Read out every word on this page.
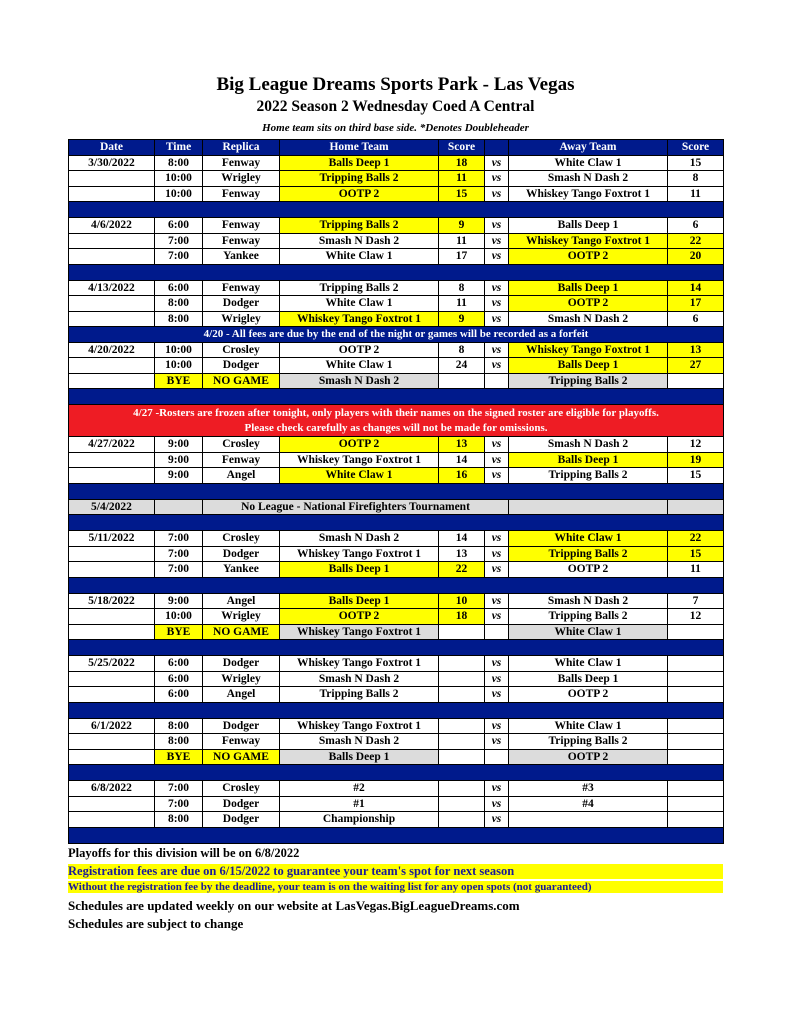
Big League Dreams Sports Park - Las Vegas
2022 Season 2 Wednesday Coed A Central
Home team sits on third base side. *Denotes Doubleheader
Date	Time	Replica	Home Team	Score		Away Team	Score
3/30/2022	8:00	Fenway	Balls Deep 1	18	vs	White Claw 1	15
	10:00	Wrigley	Tripping Balls 2	11	vs	Smash N Dash 2	8
	10:00	Fenway	OOTP 2	15	vs	Whiskey Tango Foxtrot 1	11

4/6/2022	6:00	Fenway	Tripping Balls 2	9	vs	Balls Deep 1	6
	7:00	Fenway	Smash N Dash 2	11	vs	Whiskey Tango Foxtrot 1	22
	7:00	Yankee	White Claw 1	17	vs	OOTP 2	20

4/13/2022	6:00	Fenway	Tripping Balls 2	8	vs	Balls Deep 1	14
	8:00	Dodger	White Claw 1	11	vs	OOTP 2	17
	8:00	Wrigley	Whiskey Tango Foxtrot 1	9	vs	Smash N Dash 2	6
4/20 - All fees are due by the end of the night or games will be recorded as a forfeit							
4/20/2022	10:00	Crosley	OOTP 2	8	vs	Whiskey Tango Foxtrot 1	13
	10:00	Dodger	White Claw 1	24	vs	Balls Deep 1	27
	BYE	NO GAME	Smash N Dash 2			Tripping Balls 2	

4/27 -Rosters are frozen after tonight, only players with their names on the signed roster are eligible for playoffs.
Please check carefully as changes will not be made for omissions.							

4/27/2022	9:00	Crosley	OOTP 2	13	vs	Smash N Dash 2	12
	9:00	Fenway	Whiskey Tango Foxtrot 1	14	vs	Balls Deep 1	19
	9:00	Angel	White Claw 1	16	vs	Tripping Balls 2	15

5/4/2022		No League - National Firefighters Tournament					

5/11/2022	7:00	Crosley	Smash N Dash 2	14	vs	White Claw 1	22
	7:00	Dodger	Whiskey Tango Foxtrot 1	13	vs	Tripping Balls 2	15
	7:00	Yankee	Balls Deep 1	22	vs	OOTP 2	11

5/18/2022	9:00	Angel	Balls Deep 1	10	vs	Smash N Dash 2	7
	10:00	Wrigley	OOTP 2	18	vs	Tripping Balls 2	12
	BYE	NO GAME	Whiskey Tango Foxtrot 1			White Claw 1	

5/25/2022	6:00	Dodger	Whiskey Tango Foxtrot 1		vs	White Claw 1	
	6:00	Wrigley	Smash N Dash 2		vs	Balls Deep 1	
	6:00	Angel	Tripping Balls 2		vs	OOTP 2	

6/1/2022	8:00	Dodger	Whiskey Tango Foxtrot 1		vs	White Claw 1	
	8:00	Fenway	Smash N Dash 2		vs	Tripping Balls 2	
	BYE	NO GAME	Balls Deep 1			OOTP 2	

6/8/2022	7:00	Crosley	#2		vs	#3	
	7:00	Dodger	#1		vs	#4	
	8:00	Dodger	Championship		vs		

Playoffs for this division will be on 6/8/2022
Registration fees are due on 6/15/2022 to guarantee your team's spot for next season
Without the registration fee by the deadline, your team is on the waiting list for any open spots (not guaranteed)
Schedules are updated weekly on our website at LasVegas.BigLeagueDreams.com
Schedules are subject to change
